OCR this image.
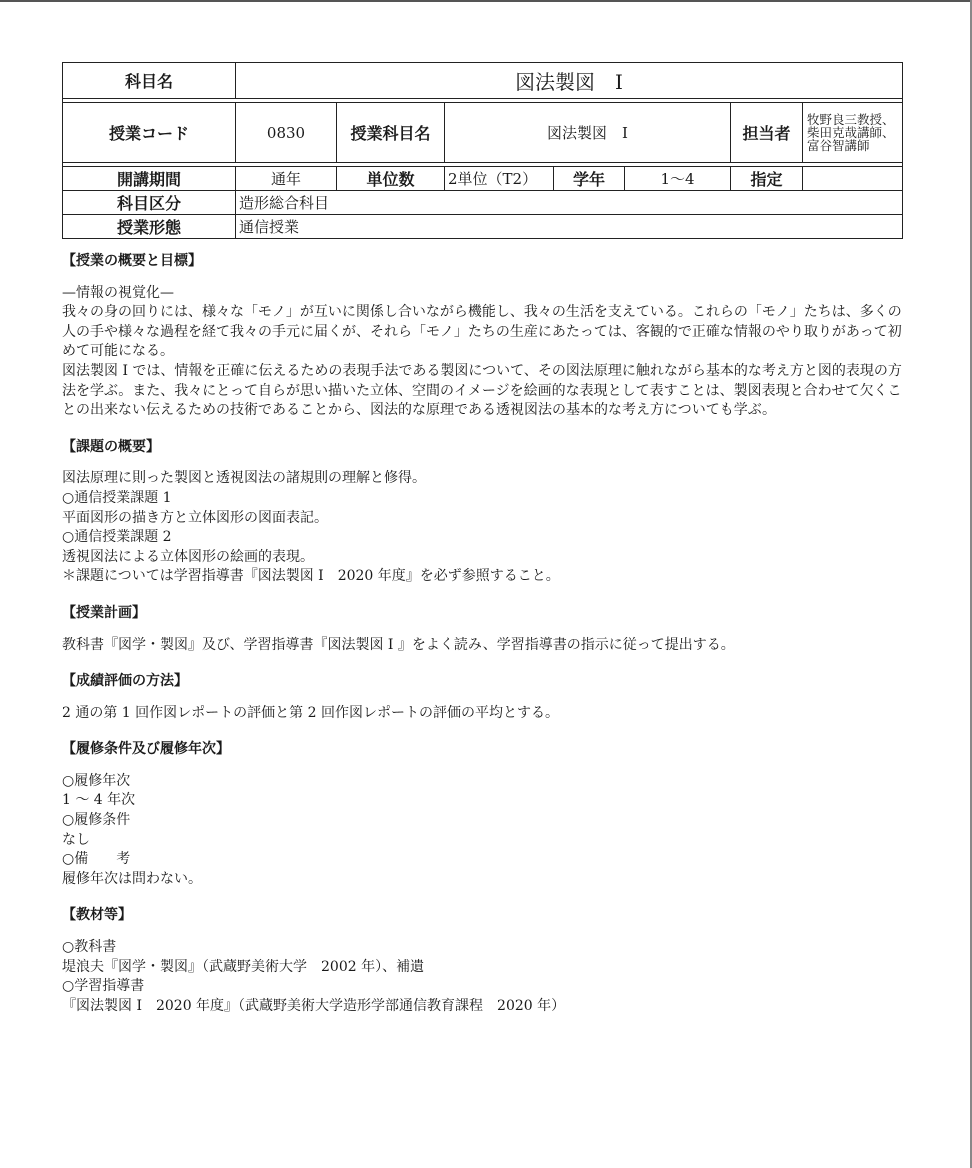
科目名	図法製図　I						

授業コード	0830	授業科目名	図法製図　I			担当者	牧野良三教授、柴田克哉講師、富谷智講師

開講期間	通年	単位数	2単位（T2）	学年	1〜4	指定	
科目区分	造形総合科目						
授業形態	通信授業						
【授業の概要と目標】

—情報の視覚化—

我々の身の回りには、様々な「モノ」が互いに関係し合いながら機能し、我々の生活を支えている。これらの「モノ」たちは、多くの人の手や様々な過程を経て我々の手元に届くが、それら「モノ」たちの生産にあたっては、客観的で正確な情報のやり取りがあって初めて可能になる。

図法製図 I では、情報を正確に伝えるための表現手法である製図について、その図法原理に触れながら基本的な考え方と図的表現の方法を学ぶ。また、我々にとって自らが思い描いた立体、空間のイメージを絵画的な表現として表すことは、製図表現と合わせて欠くことの出来ない伝えるための技術であることから、図法的な原理である透視図法の基本的な考え方についても学ぶ。

【課題の概要】

図法原理に則った製図と透視図法の諸規則の理解と修得。

○通信授業課題 1

平面図形の描き方と立体図形の図面表記。

○通信授業課題 2

透視図法による立体図形の絵画的表現。

＊課題については学習指導書『図法製図 I　2020 年度』を必ず参照すること。

【授業計画】

教科書『図学・製図』及び、学習指導書『図法製図 I 』をよく読み、学習指導書の指示に従って提出する。

【成績評価の方法】

2 通の第 1 回作図レポートの評価と第 2 回作図レポートの評価の平均とする。

【履修条件及び履修年次】

○履修年次

1 〜 4 年次

○履修条件

なし

○備　　考

履修年次は問わない。

【教材等】

○教科書

堤浪夫『図学・製図』（武蔵野美術大学　2002 年）、補遺

○学習指導書

『図法製図 I　2020 年度』（武蔵野美術大学造形学部通信教育課程　2020 年）
